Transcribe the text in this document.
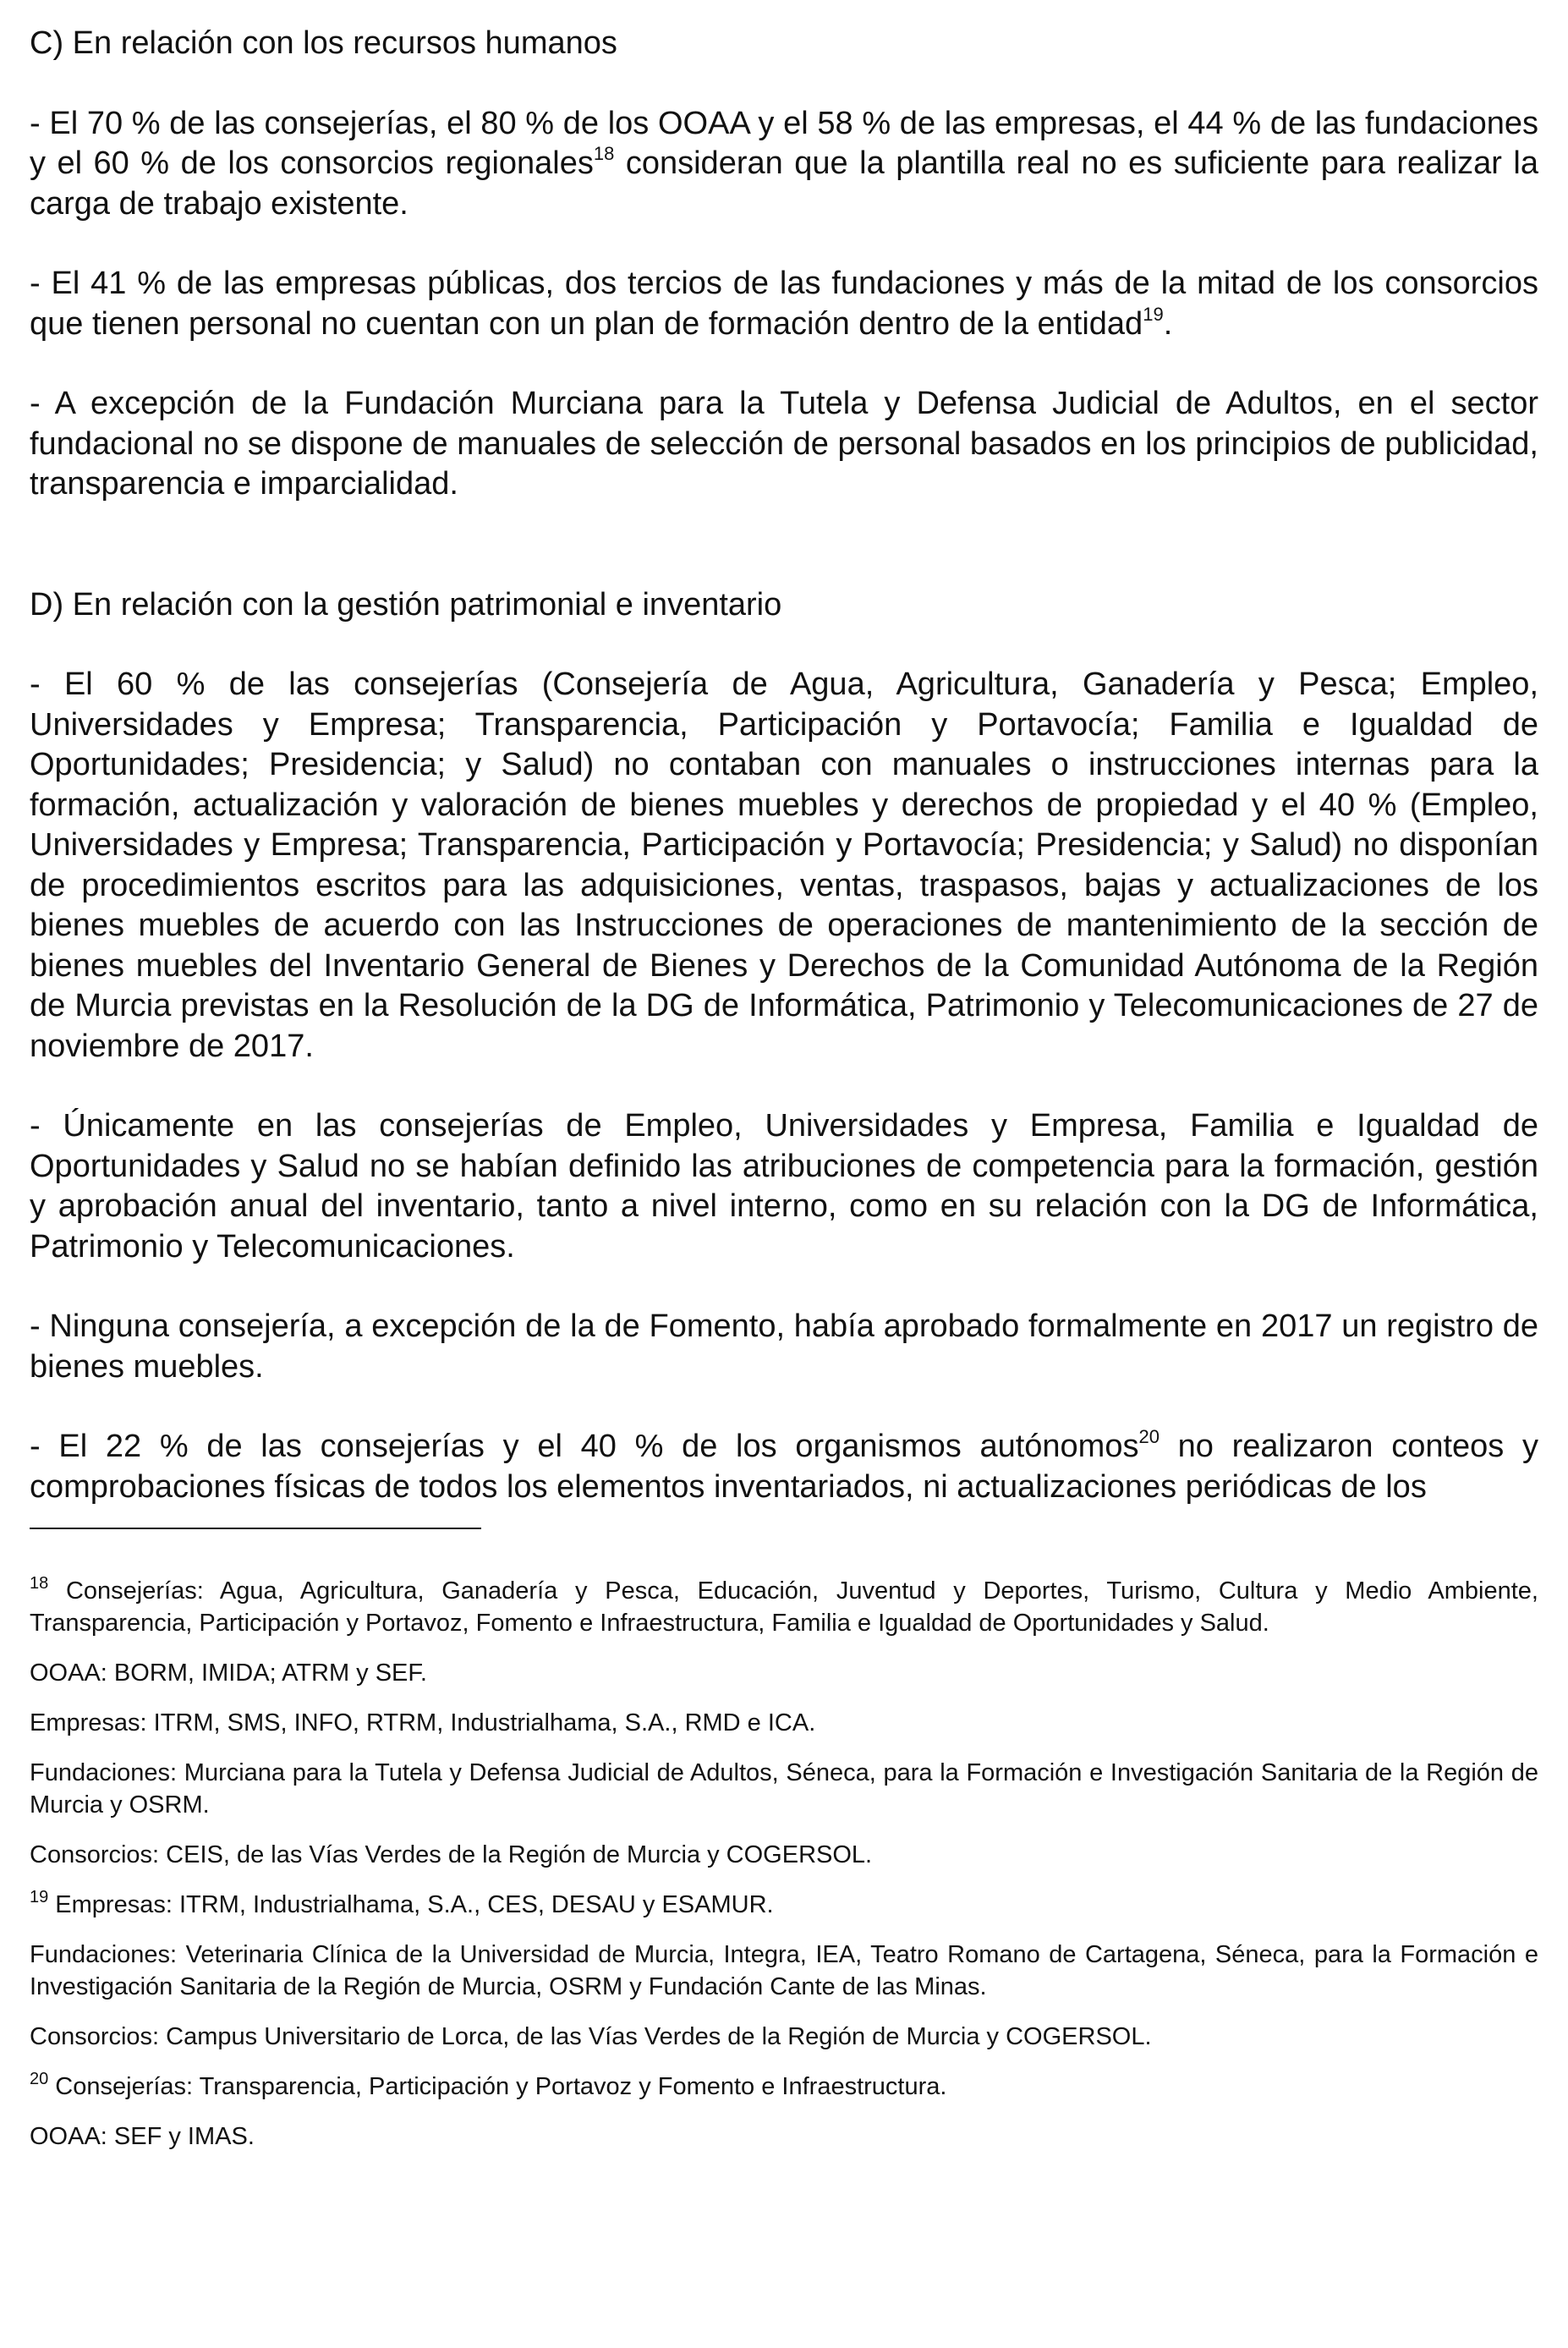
C) En relación con los recursos humanos

- El 70 % de las consejerías, el 80 % de los OOAA y el 58 % de las empresas, el 44 % de las fundaciones y el 60 % de los consorcios regionales$^{18}$ consideran que la plantilla real no es suficiente para realizar la carga de trabajo existente.

- El 41 % de las empresas públicas, dos tercios de las fundaciones y más de la mitad de los consorcios que tienen personal no cuentan con un plan de formación dentro de la entidad$^{19}$.

- A excepción de la Fundación Murciana para la Tutela y Defensa Judicial de Adultos, en el sector fundacional no se dispone de manuales de selección de personal basados en los principios de publicidad, transparencia e imparcialidad.

D) En relación con la gestión patrimonial e inventario

- El 60 % de las consejerías (Consejería de Agua, Agricultura, Ganadería y Pesca; Empleo, Universidades y Empresa; Transparencia, Participación y Portavocía; Familia e Igualdad de Oportunidades; Presidencia; y Salud) no contaban con manuales o instrucciones internas para la formación, actualización y valoración de bienes muebles y derechos de propiedad y el 40 % (Empleo, Universidades y Empresa; Transparencia, Participación y Portavocía; Presidencia; y Salud) no disponían de procedimientos escritos para las adquisiciones, ventas, traspasos, bajas y actualizaciones de los bienes muebles de acuerdo con las Instrucciones de operaciones de mantenimiento de la sección de bienes muebles del Inventario General de Bienes y Derechos de la Comunidad Autónoma de la Región de Murcia previstas en la Resolución de la DG de Informática, Patrimonio y Telecomunicaciones de 27 de noviembre de 2017.

- Únicamente en las consejerías de Empleo, Universidades y Empresa, Familia e Igualdad de Oportunidades y Salud no se habían definido las atribuciones de competencia para la formación, gestión y aprobación anual del inventario, tanto a nivel interno, como en su relación con la DG de Informática, Patrimonio y Telecomunicaciones.

- Ninguna consejería, a excepción de la de Fomento, había aprobado formalmente en 2017 un registro de bienes muebles.

- El 22 % de las consejerías y el 40 % de los organismos autónomos$^{20}$ no realizaron conteos y comprobaciones físicas de todos los elementos inventariados, ni actualizaciones periódicas de los

$^{18}$ Consejerías: Agua, Agricultura, Ganadería y Pesca, Educación, Juventud y Deportes, Turismo, Cultura y Medio Ambiente, Transparencia, Participación y Portavoz, Fomento e Infraestructura, Familia e Igualdad de Oportunidades y Salud.

OOAA: BORM, IMIDA; ATRM y SEF.

Empresas: ITRM, SMS, INFO, RTRM, Industrialhama, S.A., RMD e ICA.

Fundaciones: Murciana para la Tutela y Defensa Judicial de Adultos, Séneca, para la Formación e Investigación Sanitaria de la Región de Murcia y OSRM.

Consorcios: CEIS, de las Vías Verdes de la Región de Murcia y COGERSOL.

$^{19}$ Empresas: ITRM, Industrialhama, S.A., CES, DESAU y ESAMUR.

Fundaciones: Veterinaria Clínica de la Universidad de Murcia, Integra, IEA, Teatro Romano de Cartagena, Séneca, para la Formación e Investigación Sanitaria de la Región de Murcia, OSRM y Fundación Cante de las Minas.

Consorcios: Campus Universitario de Lorca, de las Vías Verdes de la Región de Murcia y COGERSOL.

$^{20}$ Consejerías: Transparencia, Participación y Portavoz y Fomento e Infraestructura.

OOAA: SEF y IMAS.
